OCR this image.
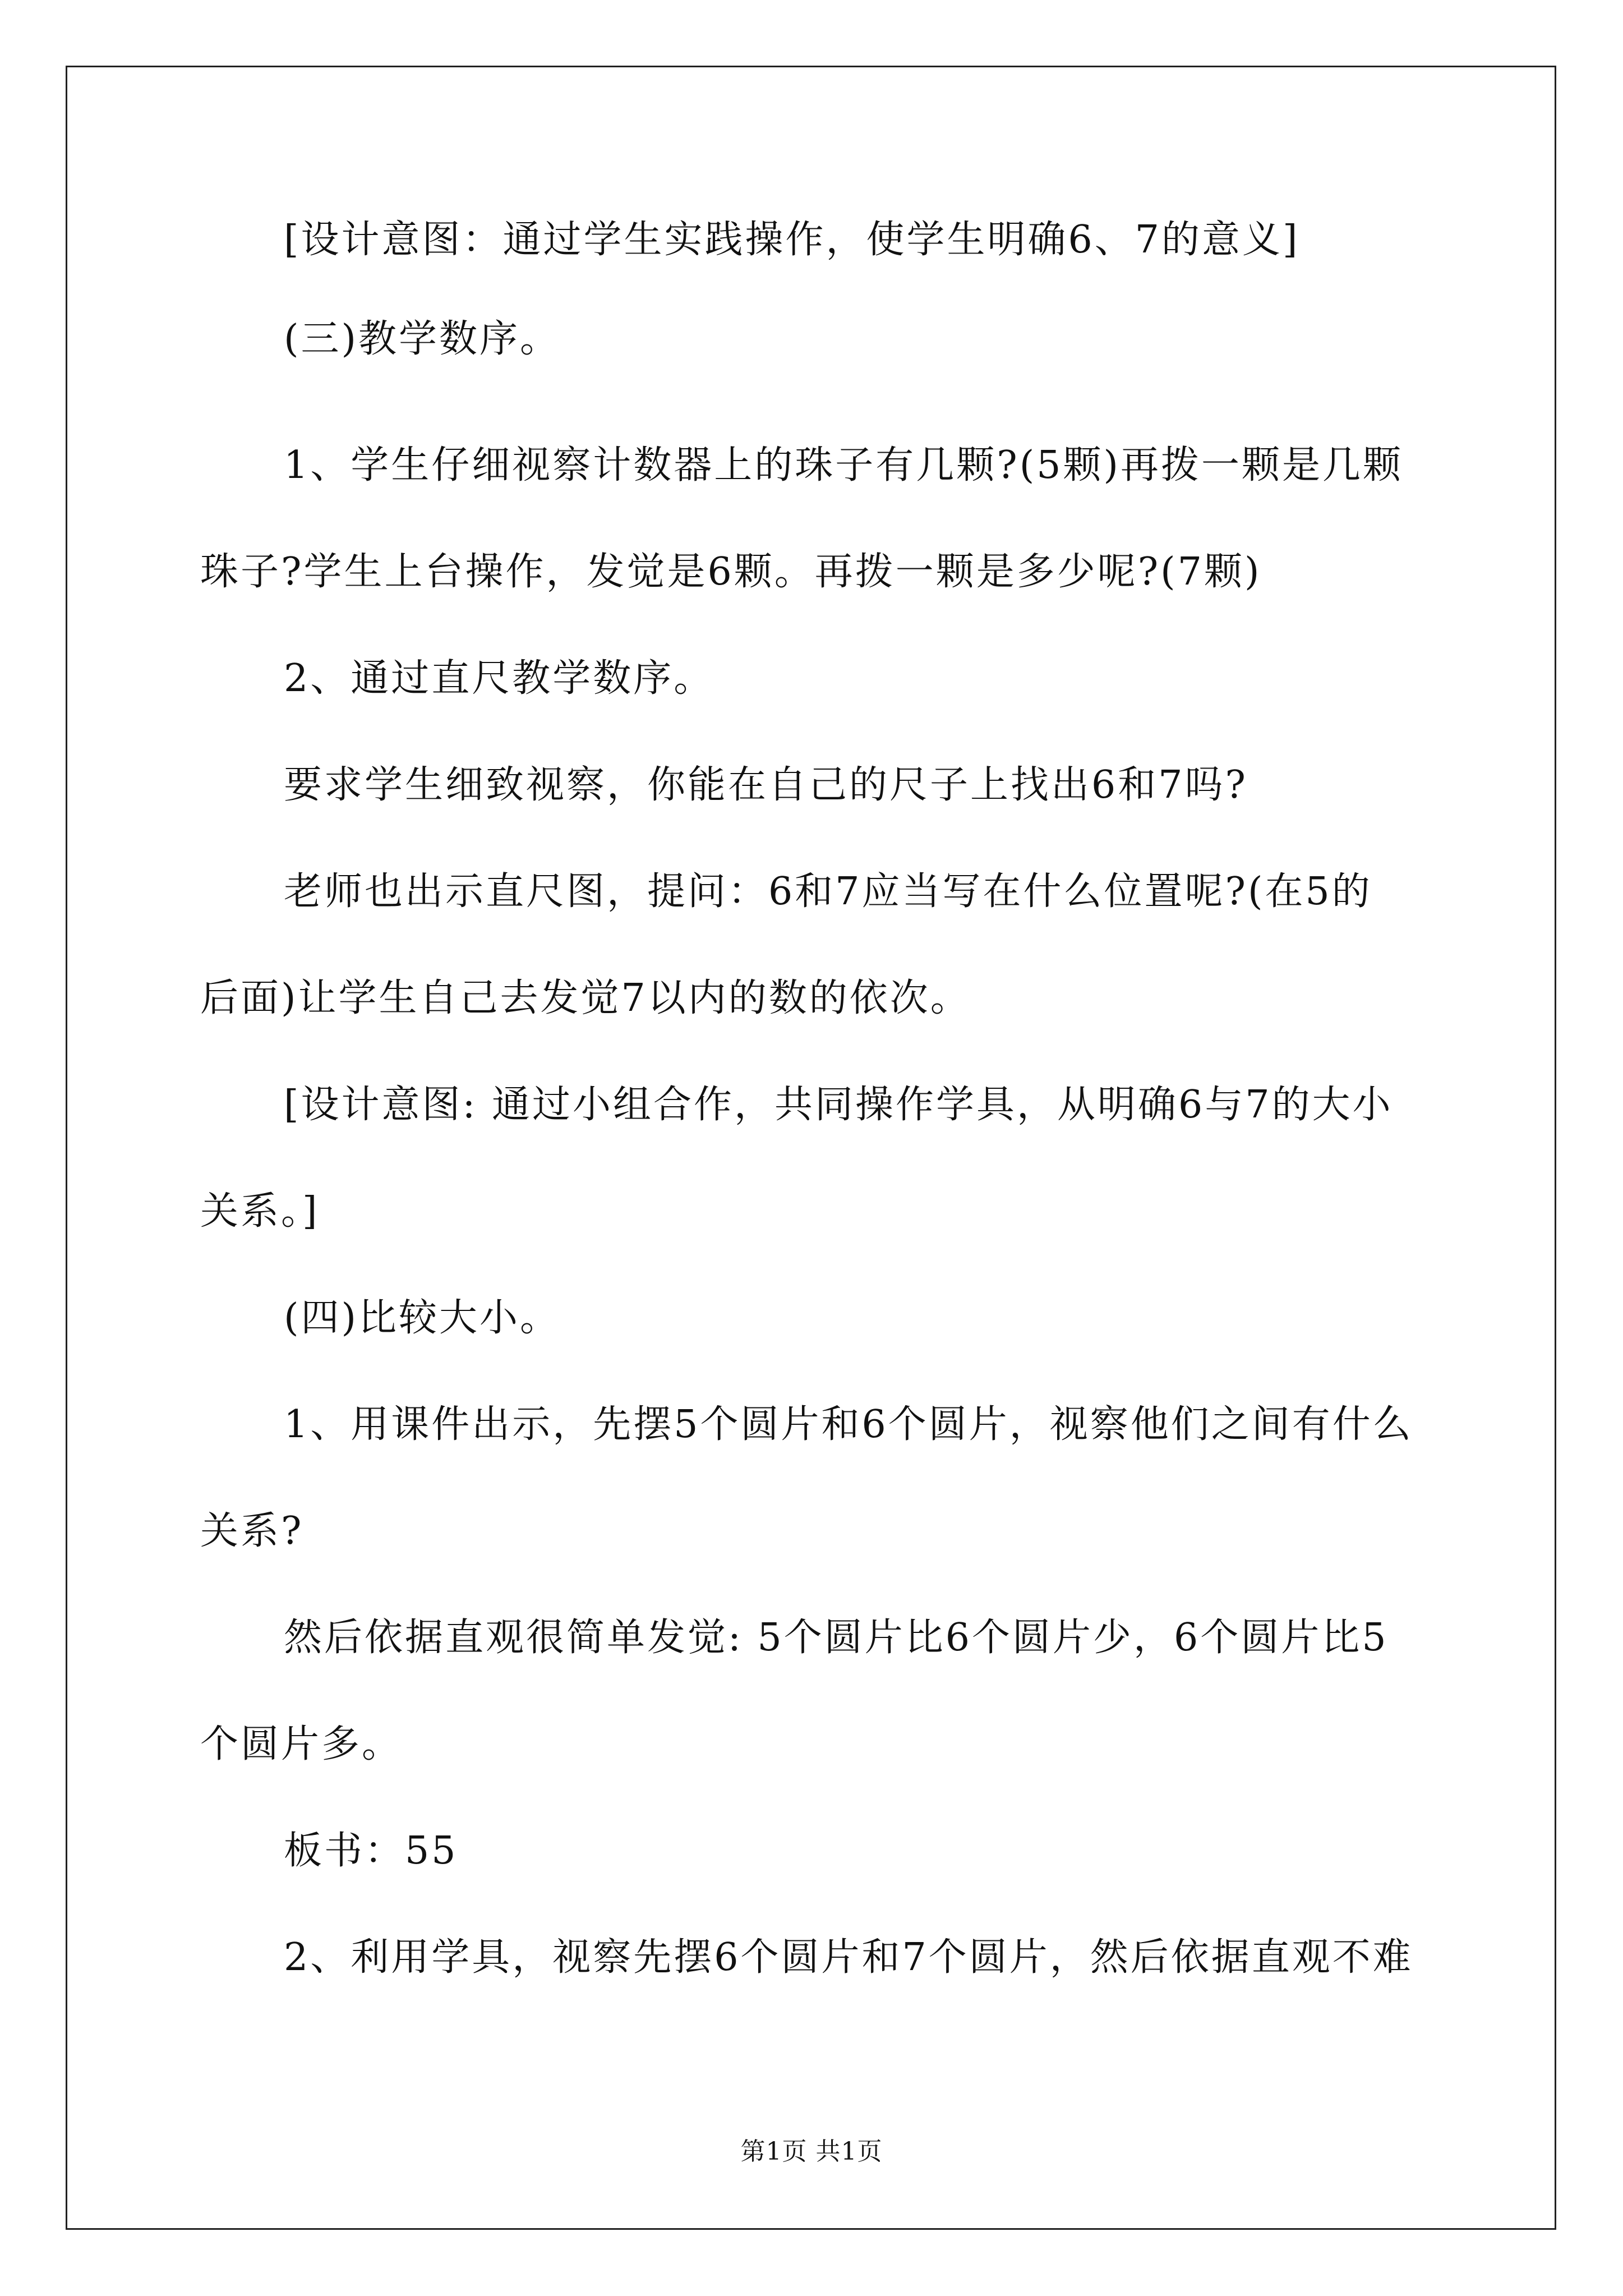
[设计意图：通过学生实践操作，使学生明确6、7的意义]
(三)教学数序。
1、学生仔细视察计数器上的珠子有几颗?(5颗)再拨一颗是几颗
珠子?学生上台操作，发觉是6颗。再拨一颗是多少呢?(7颗)
2、通过直尺教学数序。
要求学生细致视察，你能在自己的尺子上找出6和7吗?
老师也出示直尺图，提问：6和7应当写在什么位置呢?(在5的
后面)让学生自己去发觉7以内的数的依次。
[设计意图: 通过小组合作，共同操作学具，从明确6与7的大小
关系。]
(四)比较大小。
1、用课件出示，先摆5个圆片和6个圆片，视察他们之间有什么
关系?
然后依据直观很简单发觉: 5个圆片比6个圆片少，6个圆片比5
个圆片多。
板书：55
2、利用学具，视察先摆6个圆片和7个圆片，然后依据直观不难
第1页 共1页
